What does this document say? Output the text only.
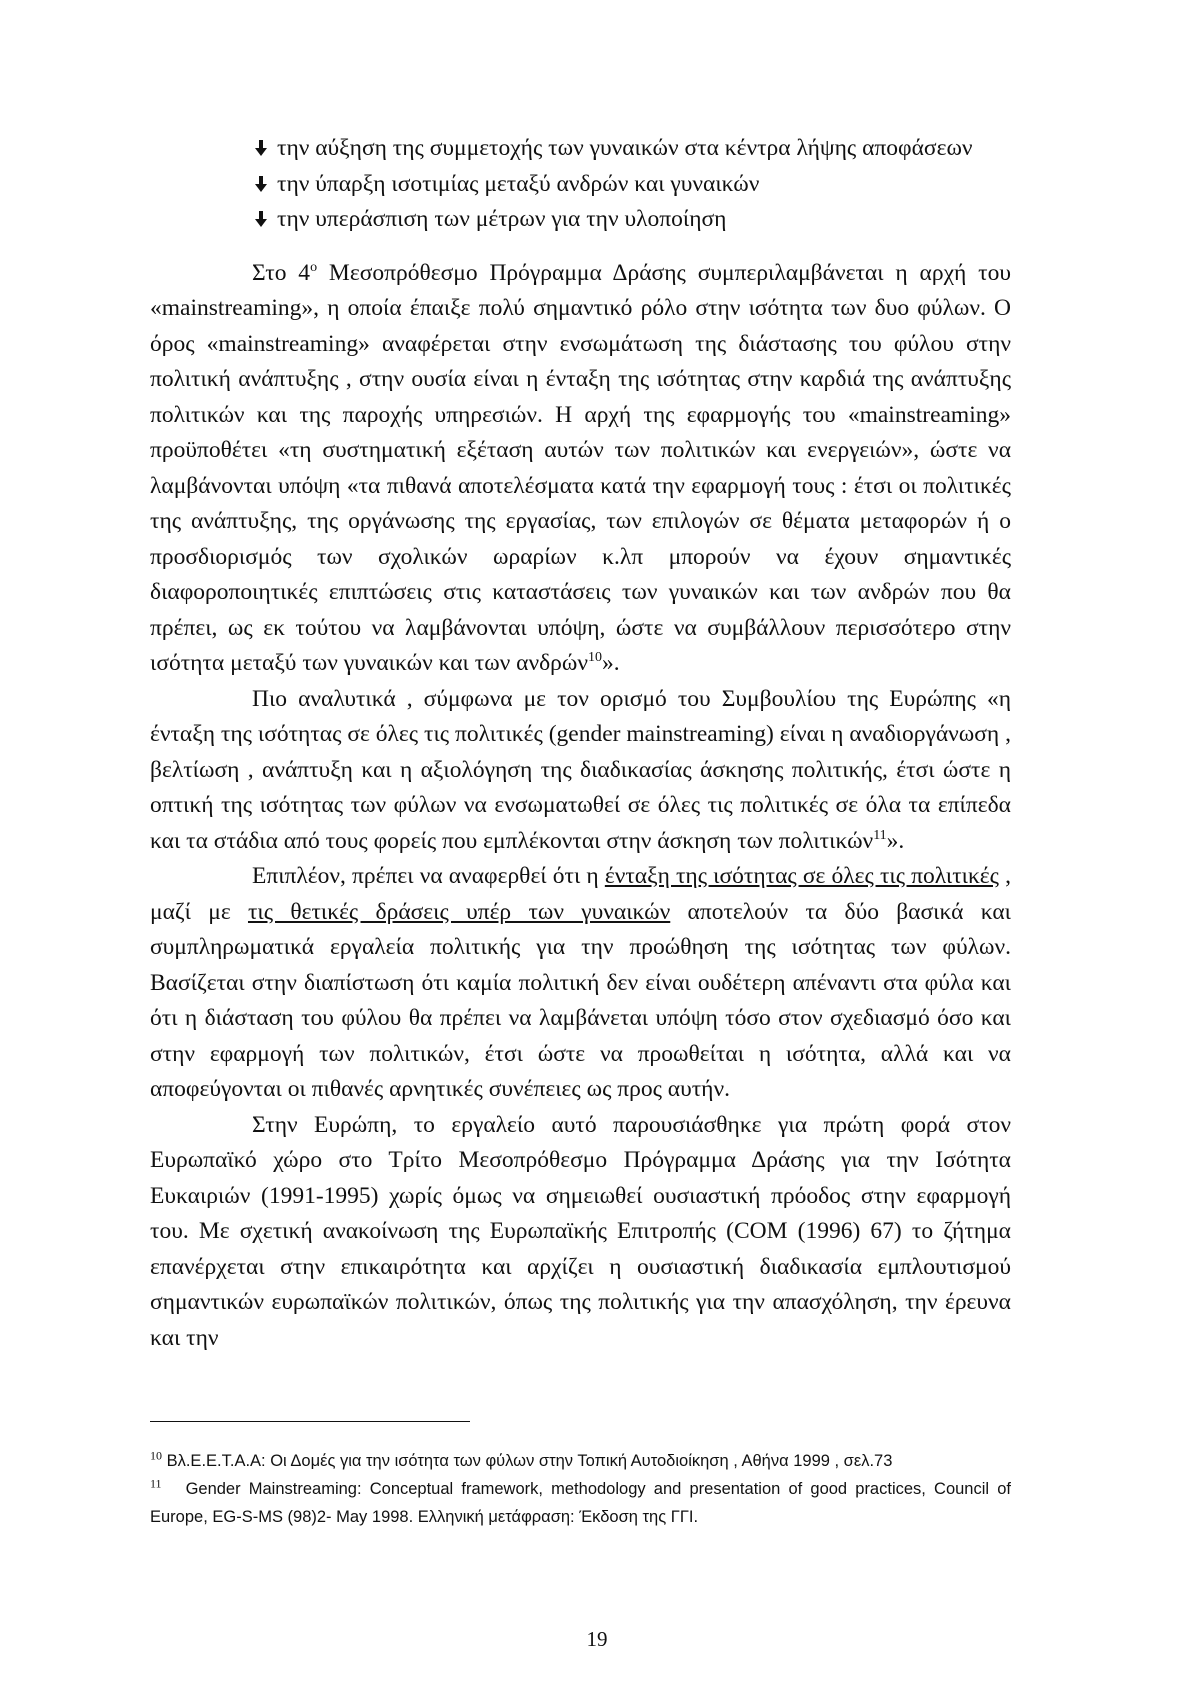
την αύξηση της συμμετοχής των γυναικών στα κέντρα λήψης αποφάσεων

την ύπαρξη ισοτιμίας μεταξύ ανδρών και γυναικών

την υπεράσπιση των μέτρων για την υλοποίηση

Στο $4^o$ Μεσοπρόθεσμο Πρόγραμμα Δράσης συμπεριλαμβάνεται η αρχή του «mainstreaming», η οποία έπαιξε πολύ σημαντικό ρόλο στην ισότητα των δυο φύλων. Ο όρος «mainstreaming» αναφέρεται στην ενσωμάτωση της διάστασης του φύλου στην πολιτική ανάπτυξης , στην ουσία είναι η ένταξη της ισότητας στην καρδιά της ανάπτυξης πολιτικών και της παροχής υπηρεσιών. Η αρχή της εφαρμογής του «mainstreaming» προϋποθέτει «τη συστηματική εξέταση αυτών των πολιτικών και ενεργειών», ώστε να λαμβάνονται υπόψη «τα πιθανά αποτελέσματα κατά την εφαρμογή τους : έτσι οι πολιτικές της ανάπτυξης, της οργάνωσης της εργασίας, των επιλογών σε θέματα μεταφορών ή ο προσδιορισμός των σχολικών ωραρίων κ.λπ μπορούν να έχουν σημαντικές διαφοροποιητικές επιπτώσεις στις καταστάσεις των γυναικών και των ανδρών που θα πρέπει, ως εκ τούτου να λαμβάνονται υπόψη, ώστε να συμβάλλουν περισσότερο στην ισότητα μεταξύ των γυναικών και των ανδρών$^{10}$».

Πιο αναλυτικά , σύμφωνα με τον ορισμό του Συμβουλίου της Ευρώπης «η ένταξη της ισότητας σε όλες τις πολιτικές (gender mainstreaming) είναι η αναδιοργάνωση , βελτίωση , ανάπτυξη και η αξιολόγηση της διαδικασίας άσκησης πολιτικής, έτσι ώστε η οπτική της ισότητας των φύλων να ενσωματωθεί σε όλες τις πολιτικές σε όλα τα επίπεδα και τα στάδια από τους φορείς που εμπλέκονται στην άσκηση των πολιτικών$^{11}$».

Επιπλέον, πρέπει να αναφερθεί ότι η ένταξη της ισότητας σε όλες τις πολιτικές , μαζί με τις θετικές δράσεις υπέρ των γυναικών αποτελούν τα δύο βασικά και συμπληρωματικά εργαλεία πολιτικής για την προώθηση της ισότητας των φύλων. Βασίζεται στην διαπίστωση ότι καμία πολιτική δεν είναι ουδέτερη απέναντι στα φύλα και ότι η διάσταση του φύλου θα πρέπει να λαμβάνεται υπόψη τόσο στον σχεδιασμό όσο και στην εφαρμογή των πολιτικών, έτσι ώστε να προωθείται η ισότητα, αλλά και να αποφεύγονται οι πιθανές αρνητικές συνέπειες ως προς αυτήν.

Στην Ευρώπη, το εργαλείο αυτό παρουσιάσθηκε για πρώτη φορά στον Ευρωπαϊκό χώρο στο Τρίτο Μεσοπρόθεσμο Πρόγραμμα Δράσης για την Ισότητα Ευκαιριών (1991-1995) χωρίς όμως να σημειωθεί ουσιαστική πρόοδος στην εφαρμογή του. Με σχετική ανακοίνωση της Ευρωπαϊκής Επιτροπής (COM (1996) 67) το ζήτημα επανέρχεται στην επικαιρότητα και αρχίζει η ουσιαστική διαδικασία εμπλουτισμού σημαντικών ευρωπαϊκών πολιτικών, όπως της πολιτικής για την απασχόληση, την έρευνα και την

$^{10}$ Βλ.Ε.Ε.Τ.Α.Α: Οι Δομές για την ισότητα των φύλων στην Τοπική Αυτοδιοίκηση , Αθήνα 1999 , σελ.73

$^{11}$ Gender Mainstreaming: Conceptual framework, methodology and presentation of good practices, Council of Europe, EG-S-MS (98)2- May 1998. Ελληνική μετάφραση: Έκδοση της ΓΓΙ.

19
